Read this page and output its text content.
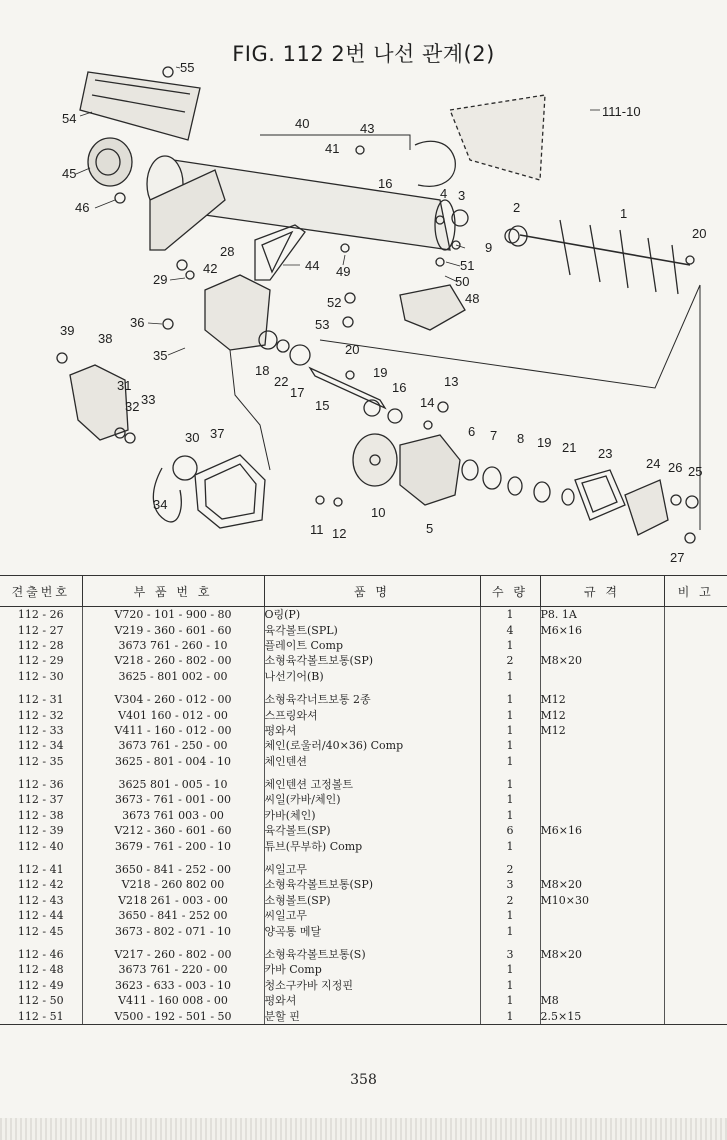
FIG. 112 2번 나선 관계(2)
55
54
45
46
40
41
43
16
4 3
2	1
20
9
51
50
48
49
44
42
29
28
52
53
36
35
39
38
18
22
17
20
19
16	13
14
15
31
32 33
30 37
34
6 7 8 19 21 23
24 26 25
27
11 12
10
5
111-10
견출번호	부 품 번 호	품 명	수 량	규 격	비 고
112 - 26	V720 - 101 - 900 - 80	O링(P)	1	P8. 1A	
112 - 27	V219 - 360 - 601 - 60	육각볼트(SPL)	4	M6×16	
112 - 28	3673 761 - 260 - 10	플레이트 Comp	1		
112 - 29	V218 - 260 - 802 - 00	소형육각볼트보통(SP)	2	M8×20	
112 - 30	3625 - 801 002 - 00	나선기어(B)	1		

112 - 31	V304 - 260 - 012 - 00	소형육각너트보통 2종	1	M12	
112 - 32	V401 160 - 012 - 00	스프링와셔	1	M12	
112 - 33	V411 - 160 - 012 - 00	평와셔	1	M12	
112 - 34	3673 761 - 250 - 00	체인(로울러/40×36) Comp	1		
112 - 35	3625 - 801 - 004 - 10	체인텐션	1		

112 - 36	3625 801 - 005 - 10	체인텐션 고정볼트	1		
112 - 37	3673 - 761 - 001 - 00	씨일(카바/체인)	1		
112 - 38	3673 761 003 - 00	카바(체인)	1		
112 - 39	V212 - 360 - 601 - 60	육각볼트(SP)	6	M6×16	
112 - 40	3679 - 761 - 200 - 10	튜브(무부하) Comp	1		

112 - 41	3650 - 841 - 252 - 00	씨일고무	2		
112 - 42	V218 - 260 802 00	소형육각볼트보통(SP)	3	M8×20	
112 - 43	V218 261 - 003 - 00	소형볼트(SP)	2	M10×30	
112 - 44	3650 - 841 - 252 00	씨일고무	1		
112 - 45	3673 - 802 - 071 - 10	양곡통 메달	1		

112 - 46	V217 - 260 - 802 - 00	소형육각볼트보통(S)	3	M8×20	
112 - 48	3673 761 - 220 - 00	카바 Comp	1		
112 - 49	3623 - 633 - 003 - 10	청소구카바 지정핀	1		
112 - 50	V411 - 160 008 - 00	평와셔	1	M8	
112 - 51	V500 - 192 - 501 - 50	분할 핀	1	2.5×15	
358
